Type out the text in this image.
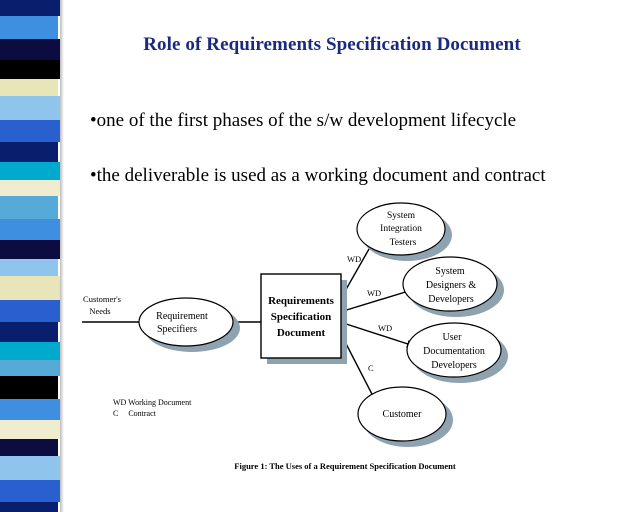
Role of Requirements Specification Document
•one of the first phases of the s/w development lifecycle
•the deliverable is used as a working document and contract
Requirement
Specifiers
Requirements
Specification
Document
System
Integration
Testers
System
Designers &
Developers
User
Documentation
Developers
Customer
Customer's
Needs
WD
WD
WD
C
WD Working Document
C     Contract
Figure 1: The Uses of a Requirement Specification Document
